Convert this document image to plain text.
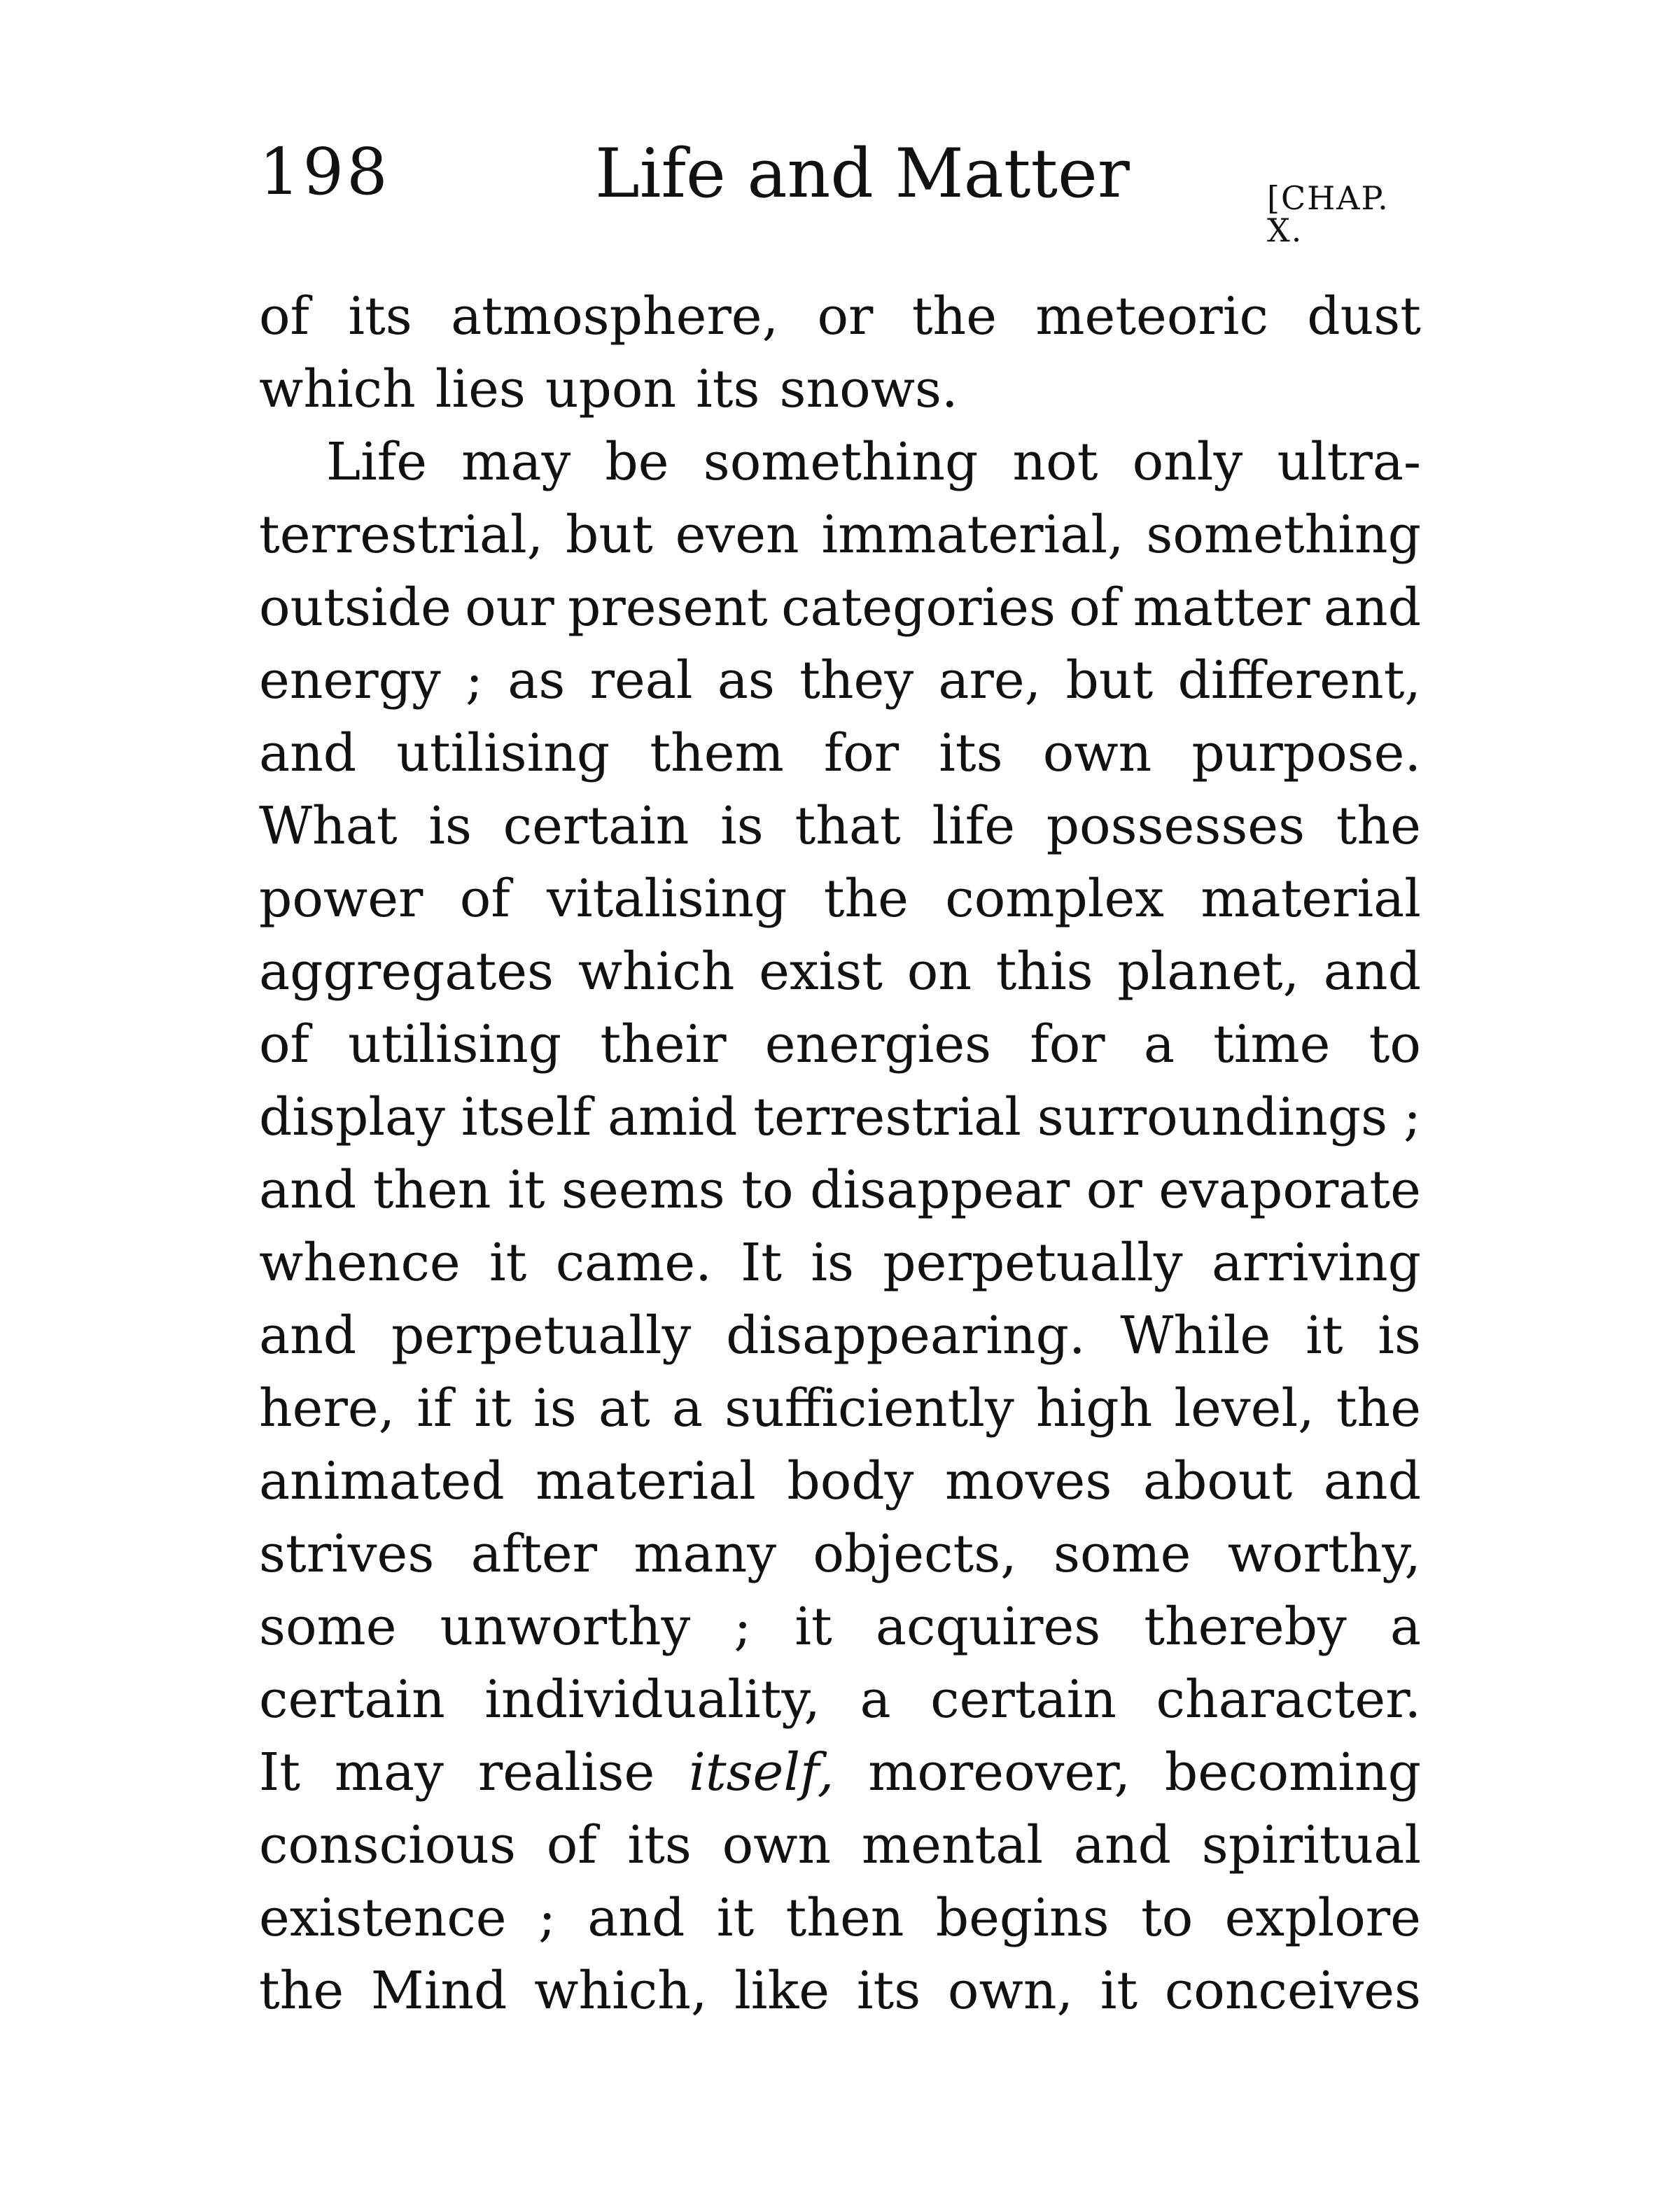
198	Life and Matter	[CHAP. X.
of its atmosphere, or the meteoric dust
which lies upon its snows.
Life may be something not only ultra-
terrestrial, but even immaterial, something
outside our present categories of matter and
energy ; as real as they are, but different,
and utilising them for its own purpose.
What is certain is that life possesses the
power of vitalising the complex material
aggregates which exist on this planet, and
of utilising their energies for a time to
display itself amid terrestrial surroundings ;
and then it seems to disappear or evaporate
whence it came. It is perpetually arriving
and perpetually disappearing. While it is
here, if it is at a sufficiently high level, the
animated material body moves about and
strives after many objects, some worthy,
some unworthy ; it acquires thereby a
certain individuality, a certain character.
It may realise itself, moreover, becoming
conscious of its own mental and spiritual
existence ; and it then begins to explore
the Mind which, like its own, it conceives
